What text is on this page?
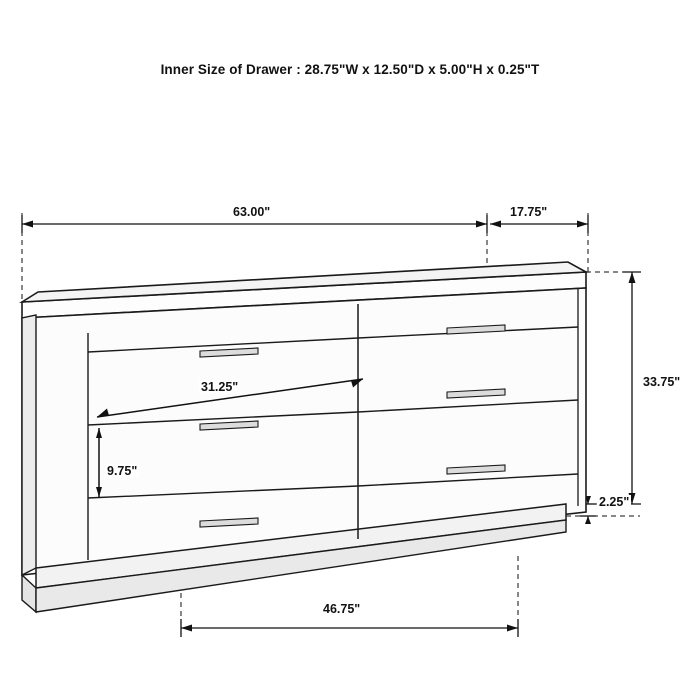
Inner Size of Drawer : 28.75"W x 12.50"D x 5.00"H x 0.25"T
63.00"	17.75"
33.75"
2.25"
31.25"
9.75"
46.75"
